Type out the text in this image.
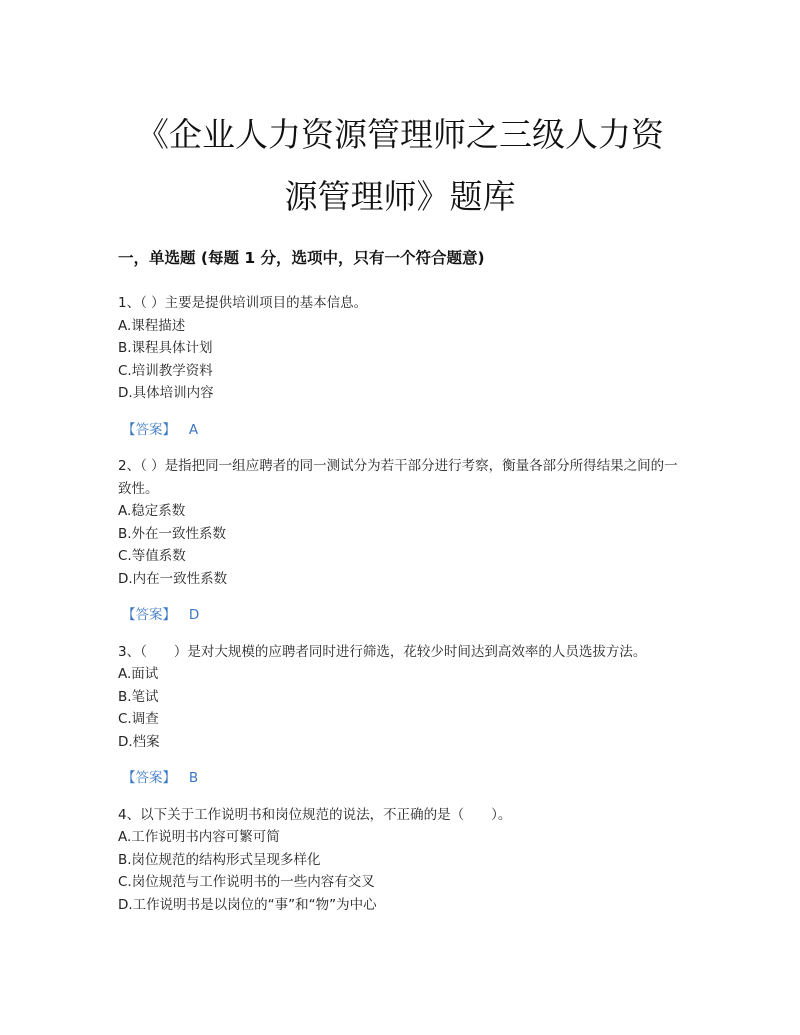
《企业人力资源管理师之三级人力资
源管理师》题库
一，单选题 (每题 1 分，选项中，只有一个符合题意)

1、（ ）主要是提供培训项目的基本信息。

A.课程描述
B.课程具体计划
C.培训教学资料
D.具体培训内容
【答案】 A

2、（ ）是指把同一组应聘者的同一测试分为若干部分进行考察，衡量各部分所得结果之间的一致性。

A.稳定系数
B.外在一致性系数
C.等值系数
D.内在一致性系数
【答案】 D

3、（　　）是对大规模的应聘者同时进行筛选，花较少时间达到高效率的人员选拔方法。

A.面试
B.笔试
C.调查
D.档案
【答案】 B

4、以下关于工作说明书和岗位规范的说法，不正确的是（　　）。

A.工作说明书内容可繁可简
B.岗位规范的结构形式呈现多样化
C.岗位规范与工作说明书的一些内容有交叉
D.工作说明书是以岗位的“事”和“物”为中心
